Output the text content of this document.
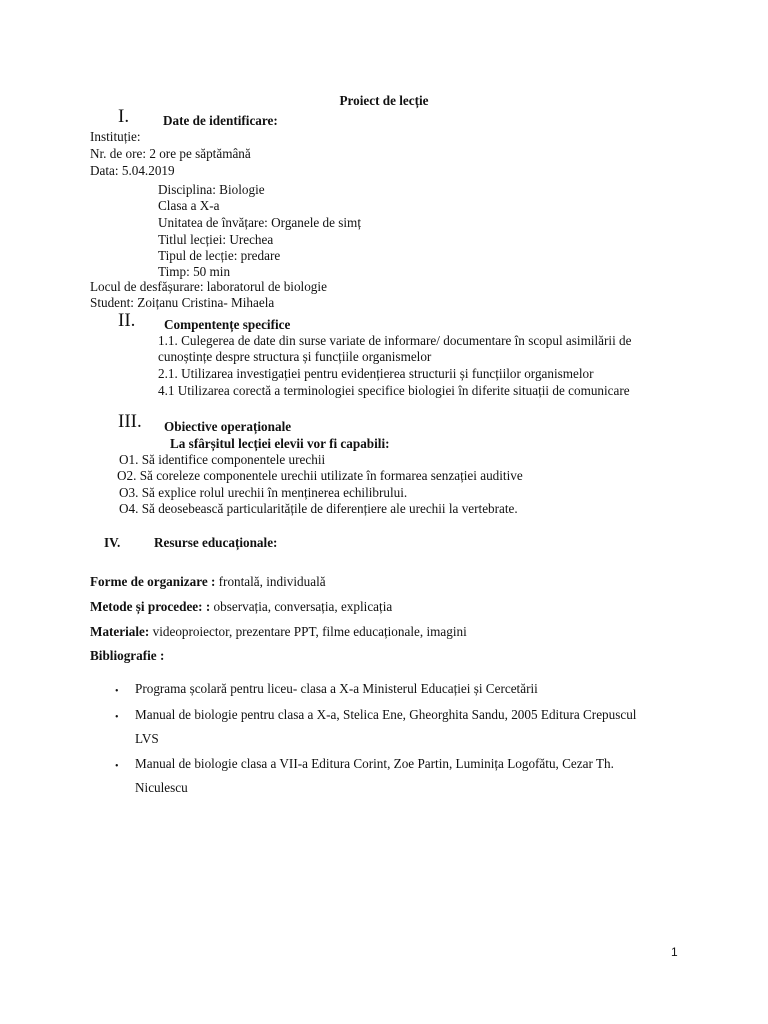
Proiect de lecție
I.	Date de identificare:
Instituție:
Nr. de ore: 2 ore pe săptămână
Data: 5.04.2019
Disciplina: Biologie
Clasa a X-a
Unitatea de învățare: Organele de simț
Titlul lecției: Urechea
Tipul de lecție: predare
Timp: 50 min
Locul de desfășurare: laboratorul de biologie
Student: Zoițanu Cristina- Mihaela
II. Compentențe specifice
1.1. Culegerea de date din surse variate de informare/ documentare în scopul asimilării de
cunoștințe despre structura și funcțiile organismelor
2.1. Utilizarea investigației pentru evidențierea structurii și funcțiilor organismelor
4.1 Utilizarea corectă a terminologiei specifice biologiei în diferite situații de comunicare
III. Obiective operaționale
La sfârșitul lecției elevii vor fi capabili:
O1. Să identifice componentele urechii
O2. Să coreleze componentele urechii utilizate în formarea senzației auditive
O3. Să explice rolul urechii în menținerea echilibrului.
O4. Să deosebească particularitățile de diferențiere ale urechii la vertebrate.
IV.	Resurse educaționale:
Forme de organizare : frontală, individuală
Metode și procedee: : observația, conversația, explicația
Materiale: videoproiector, prezentare PPT, filme educaționale, imagini
Bibliografie :
• Programa școlară pentru liceu- clasa a X-a Ministerul Educației și Cercetării
• Manual de biologie pentru clasa a X-a, Stelica Ene, Gheorghita Sandu, 2005 Editura Crepuscul
LVS
• Manual de biologie clasa a VII-a Editura Corint, Zoe Partin, Luminița Logofătu, Cezar Th.
Niculescu
1
